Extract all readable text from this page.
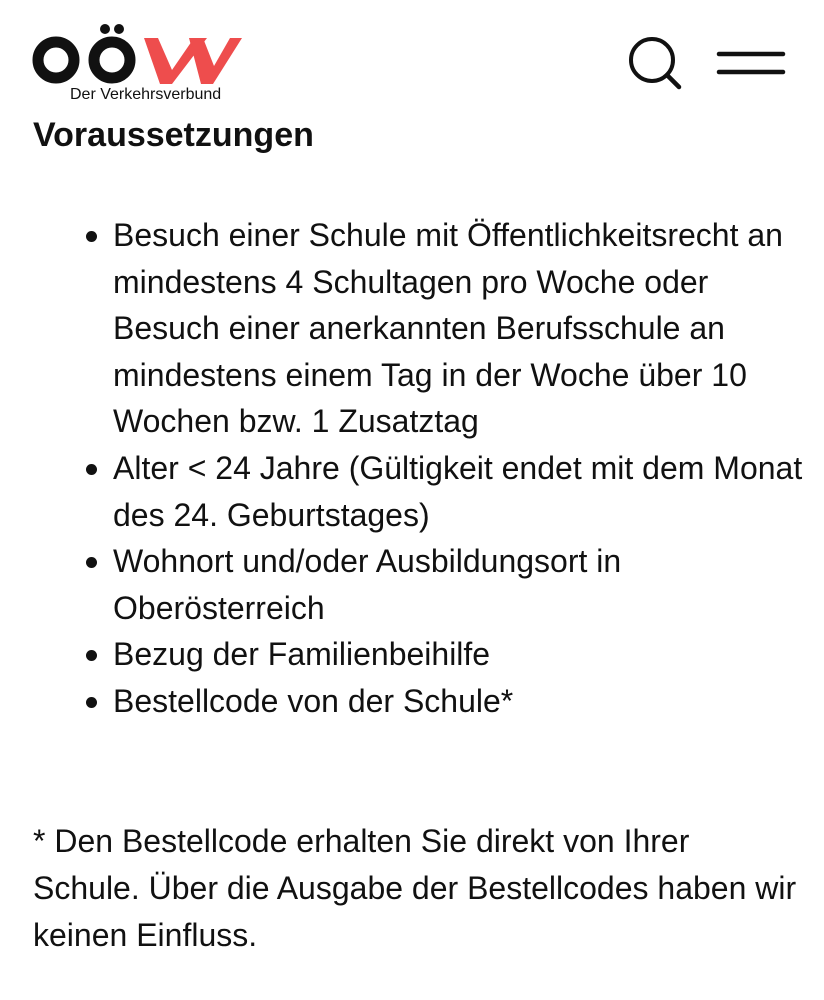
Der Verkehrsverbund
Voraussetzungen
Besuch einer Schule mit Öffentlichkeitsrecht an mindestens 4 Schultagen pro Woche oder Besuch einer anerkannten Berufsschule an mindestens einem Tag in der Woche über 10 Wochen bzw. 1 Zusatztag
Alter < 24 Jahre (Gültigkeit endet mit dem Monat des 24. Geburtstages)
Wohnort und/oder Ausbildungsort in Oberösterreich
Bezug der Familienbeihilfe
Bestellcode von der Schule*

* Den Bestellcode erhalten Sie direkt von Ihrer Schule. Über die Ausgabe der Bestellcodes haben wir keinen Einfluss.
